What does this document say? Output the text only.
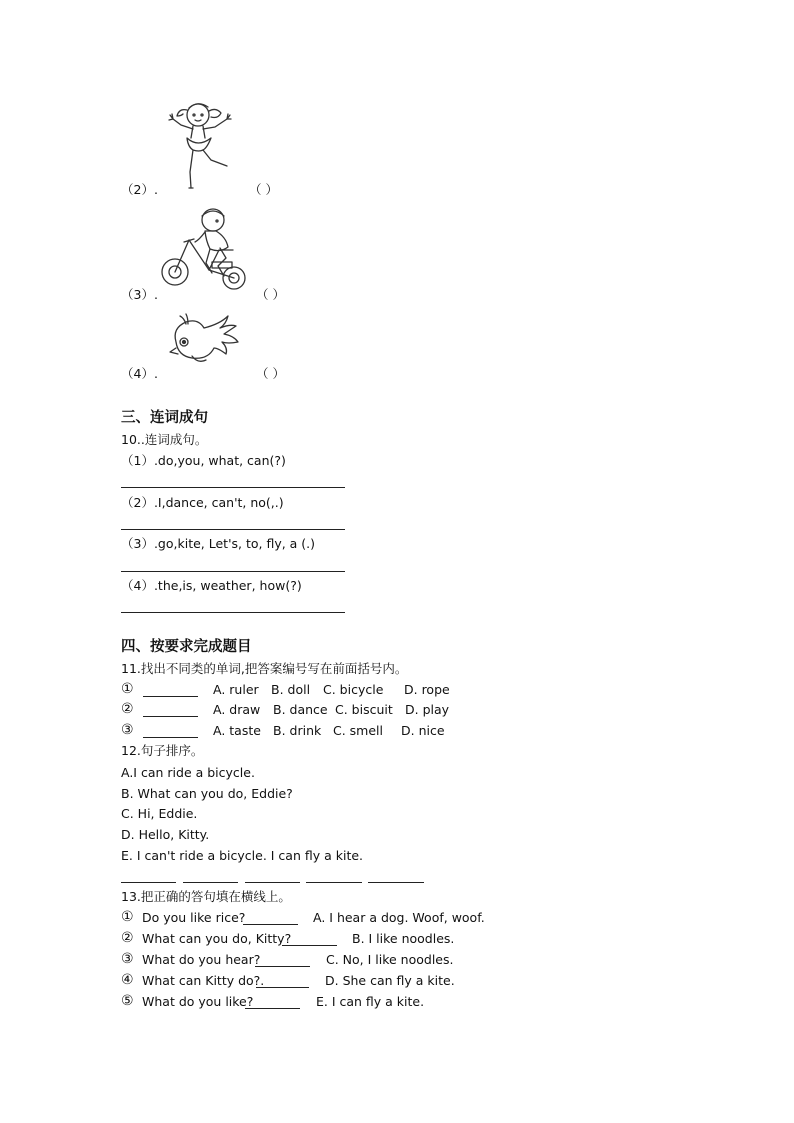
（2）.	（ ）
（3）.	（ ）
（4）.	（ ）
三、连词成句
10..连词成句。
（1）.do,you, what, can(?)
（2）.I,dance, can't, no(,.)
（3）.go,kite, Let's, to, fly, a (.)
（4）.the,is, weather, how(?)
四、按要求完成题目
11.找出不同类的单词,把答案编号写在前面括号内。
①	A. ruler B. doll C. bicycle D. rope
②	A. draw B. dance C. biscuit D. play
③	A. taste B. drink C. smell D. nice
12.句子排序。
A.I can ride a bicycle.
B. What can you do, Eddie?
C. Hi, Eddie.
D. Hello, Kitty.
E. I can't ride a bicycle. I can fly a kite.
13.把正确的答句填在横线上。
① Do you like rice?	A. I hear a dog. Woof, woof.
② What can you do, Kitty?	B. I like noodles.
③ What do you hear?	C. No, I like noodles.
④ What can Kitty do?.	D. She can fly a kite.
⑤ What do you like?	E. I can fly a kite.
